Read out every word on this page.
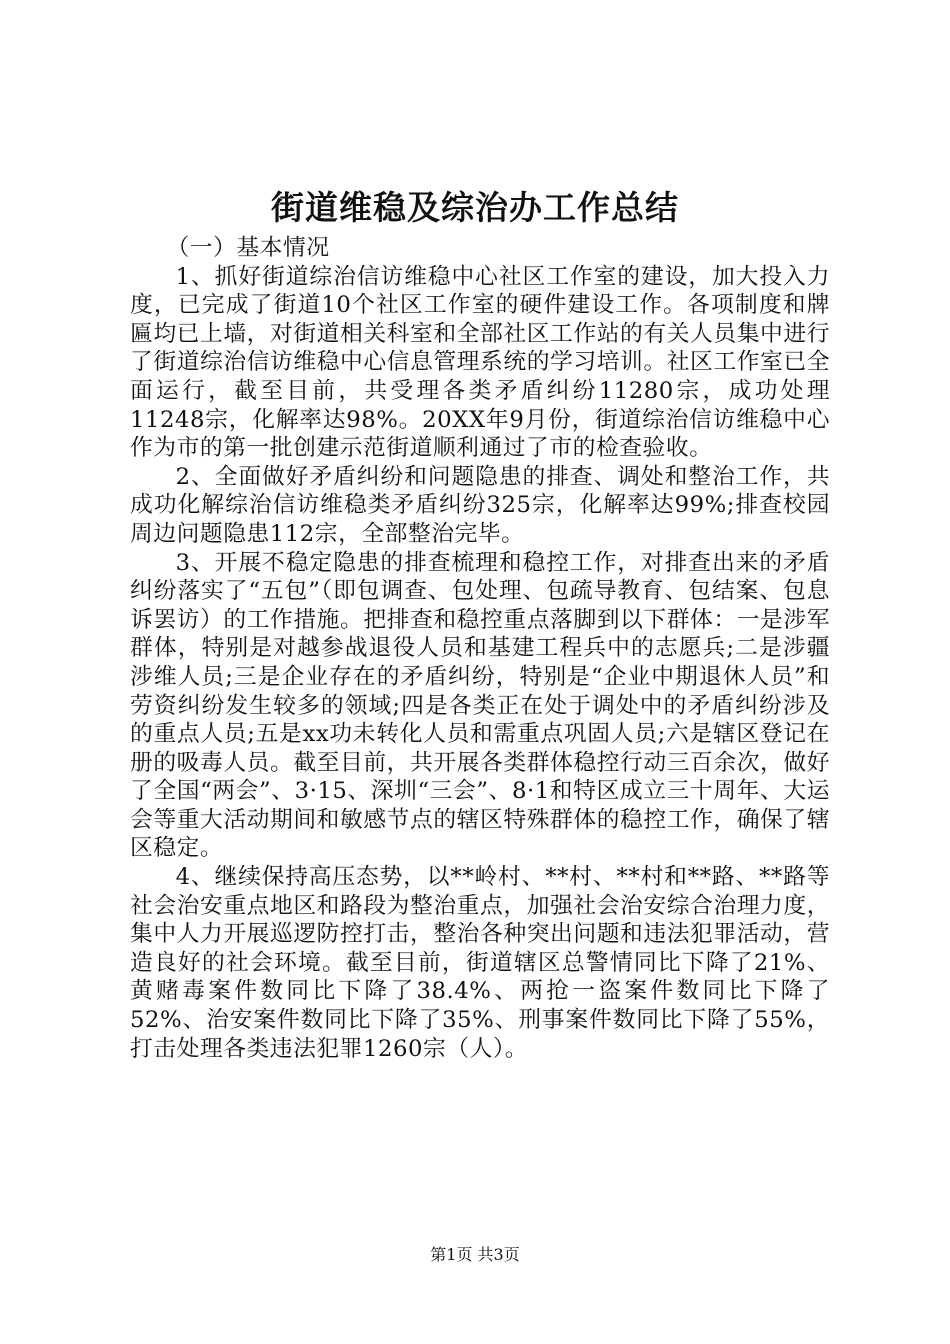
街道维稳及综治办工作总结

（一）基本情况

1、抓好街道综治信访维稳中心社区工作室的建设，加大投入力度，已完成了街道10个社区工作室的硬件建设工作。各项制度和牌匾均已上墙，对街道相关科室和全部社区工作站的有关人员集中进行了街道综治信访维稳中心信息管理系统的学习培训。社区工作室已全面运行，截至目前，共受理各类矛盾纠纷11280宗，成功处理11248宗，化解率达98%。20XX年9月份，街道综治信访维稳中心作为市的第一批创建示范街道顺利通过了市的检查验收。

2、全面做好矛盾纠纷和问题隐患的排查、调处和整治工作，共成功化解综治信访维稳类矛盾纠纷325宗，化解率达99%;排查校园周边问题隐患112宗，全部整治完毕。

3、开展不稳定隐患的排查梳理和稳控工作，对排查出来的矛盾纠纷落实了“五包”（即包调查、包处理、包疏导教育、包结案、包息诉罢访）的工作措施。把排查和稳控重点落脚到以下群体：一是涉军群体，特别是对越参战退役人员和基建工程兵中的志愿兵;二是涉疆涉维人员;三是企业存在的矛盾纠纷，特别是“企业中期退休人员”和劳资纠纷发生较多的领域;四是各类正在处于调处中的矛盾纠纷涉及的重点人员;五是xx功未转化人员和需重点巩固人员;六是辖区登记在册的吸毒人员。截至目前，共开展各类群体稳控行动三百余次，做好了全国“两会”、3·15、深圳“三会”、8·1和特区成立三十周年、大运会等重大活动期间和敏感节点的辖区特殊群体的稳控工作，确保了辖区稳定。

4、继续保持高压态势，以**岭村、**村、**村和**路、**路等社会治安重点地区和路段为整治重点，加强社会治安综合治理力度，集中人力开展巡逻防控打击，整治各种突出问题和违法犯罪活动，营造良好的社会环境。截至目前，街道辖区总警情同比下降了21%、黄赌毒案件数同比下降了38.4%、两抢一盗案件数同比下降了52%、治安案件数同比下降了35%、刑事案件数同比下降了55%，打击处理各类违法犯罪1260宗（人）。

第1页 共3页
